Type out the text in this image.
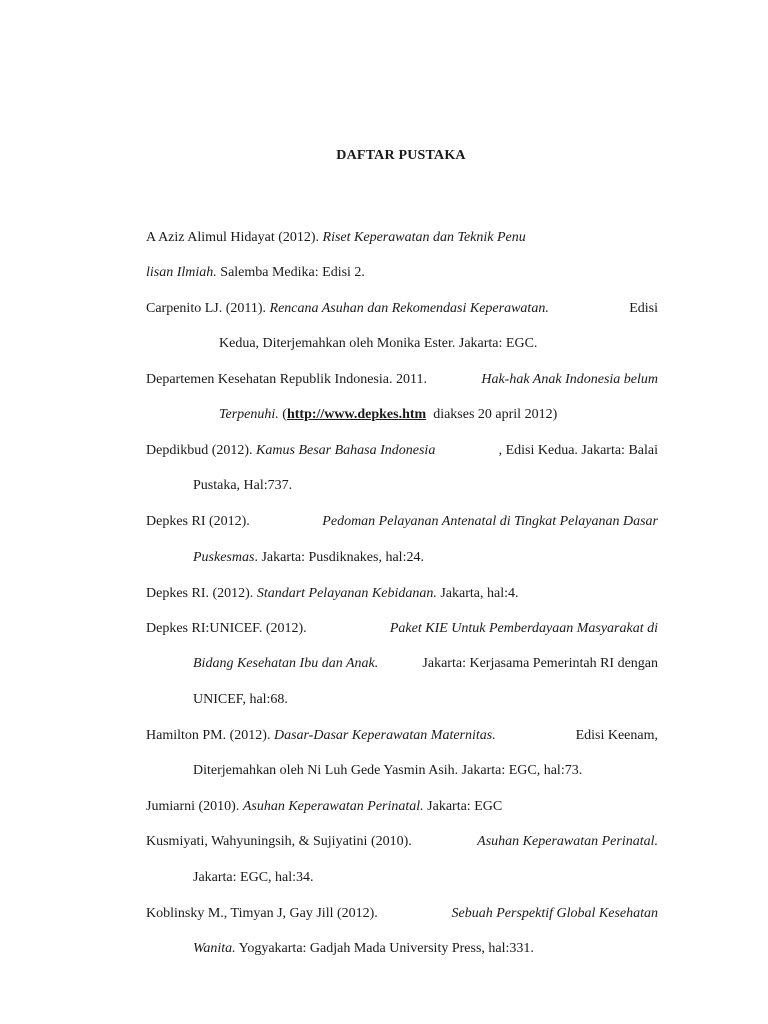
DAFTAR PUSTAKA
A Aziz Alimul Hidayat (2012). Riset Keperawatan dan Teknik Penu
lisan Ilmiah. Salemba Medika: Edisi 2.
Carpenito LJ. (2011). Rencana Asuhan dan Rekomendasi Keperawatan.	Edisi
Kedua, Diterjemahkan oleh Monika Ester. Jakarta: EGC.
Departemen Kesehatan Republik Indonesia. 2011.	Hak-hak Anak Indonesia belum
Terpenuhi. (http://www.depkes.htm  diakses 20 april 2012)
Depdikbud (2012). Kamus Besar Bahasa Indonesia	, Edisi Kedua. Jakarta: Balai
Pustaka, Hal:737.
Depkes RI (2012).	Pedoman Pelayanan Antenatal di Tingkat Pelayanan Dasar
Puskesmas. Jakarta: Pusdiknakes, hal:24.
Depkes RI. (2012). Standart Pelayanan Kebidanan. Jakarta, hal:4.
Depkes RI:UNICEF. (2012).	Paket KIE Untuk Pemberdayaan Masyarakat di
Bidang Kesehatan Ibu dan Anak.	Jakarta: Kerjasama Pemerintah RI dengan
UNICEF, hal:68.
Hamilton PM. (2012). Dasar-Dasar Keperawatan Maternitas.	Edisi Keenam,
Diterjemahkan oleh Ni Luh Gede Yasmin Asih. Jakarta: EGC, hal:73.
Jumiarni (2010). Asuhan Keperawatan Perinatal. Jakarta: EGC
Kusmiyati, Wahyuningsih, & Sujiyatini (2010).	Asuhan Keperawatan Perinatal.
Jakarta: EGC, hal:34.
Koblinsky M., Timyan J, Gay Jill (2012).	Sebuah Perspektif Global Kesehatan
Wanita. Yogyakarta: Gadjah Mada University Press, hal:331.
